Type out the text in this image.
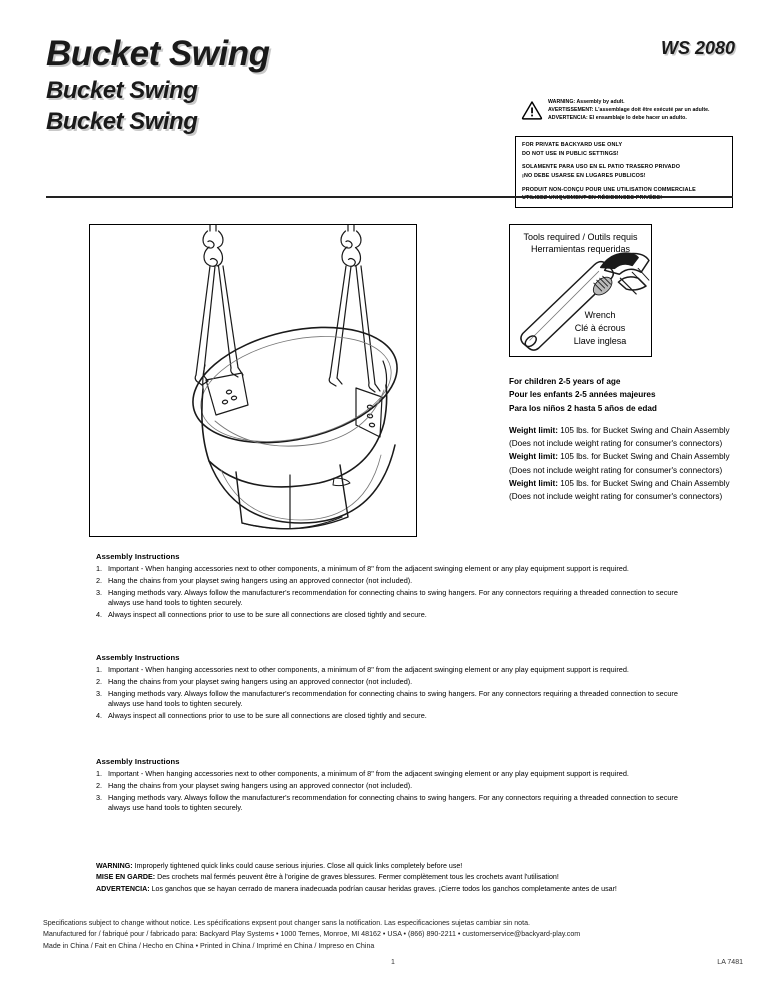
Bucket Swing
Bucket Swing
Bucket Swing
WS 2080
WARNING: Assembly by adult.
AVERTISSEMENT: L'assemblage doit être exécuté par un adulte.
ADVERTENCIA: El ensamblaje lo debe hacer un adulto.
FOR PRIVATE BACKYARD USE ONLY
DO NOT USE IN PUBLIC SETTINGS!
SOLAMENTE PARA USO EN EL PATIO TRASERO PRIVADO
¡NO DEBE USARSE EN LUGARES PUBLICOS!
PRODUIT NON-CONÇU POUR UNE UTILISATION COMMERCIALE
UTILISEZ UNIQUEMENT EN RÉSIDENCES PRIVÉES!
Tools required / Outils requis
Herramientas requeridas
Wrench
Clé à écrous
Llave inglesa
For children 2-5 years of age
Pour les enfants 2-5 années majeures
Para los niños 2 hasta 5 años de edad
Weight limit: 105 lbs. for Bucket Swing and Chain Assembly (Does not include weight rating for consumer's connectors)
Weight limit: 105 lbs. for Bucket Swing and Chain Assembly (Does not include weight rating for consumer's connectors)
Weight limit: 105 lbs. for Bucket Swing and Chain Assembly (Does not include weight rating for consumer's connectors)
Assembly Instructions
1. Important - When hanging accessories next to other components, a minimum of 8" from the adjacent swinging element or any play equipment support is required.
2. Hang the chains from your playset swing hangers using an approved connector (not included).
3. Hanging methods vary. Always follow the manufacturer's recommendation for connecting chains to swing hangers. For any connectors requiring a threaded connection to secure always use hand tools to tighten securely.
4. Always inspect all connections prior to use to be sure all connections are closed tightly and secure.
Assembly Instructions
1. Important - When hanging accessories next to other components, a minimum of 8" from the adjacent swinging element or any play equipment support is required.
2. Hang the chains from your playset swing hangers using an approved connector (not included).
3. Hanging methods vary. Always follow the manufacturer's recommendation for connecting chains to swing hangers. For any connectors requiring a threaded connection to secure always use hand tools to tighten securely.
4. Always inspect all connections prior to use to be sure all connections are closed tightly and secure.
Assembly Instructions
1. Important - When hanging accessories next to other components, a minimum of 8" from the adjacent swinging element or any play equipment support is required.
2. Hang the chains from your playset swing hangers using an approved connector (not included).
3. Hanging methods vary. Always follow the manufacturer's recommendation for connecting chains to swing hangers. For any connectors requiring a threaded connection to secure always use hand tools to tighten securely.
WARNING: Improperly tightened quick links could cause serious injuries. Close all quick links completely before use!
MISE EN GARDE: Des crochets mal fermés peuvent être à l'origine de graves blessures. Fermer complètement tous les crochets avant l'utilisation!
ADVERTENCIA: Los ganchos que se hayan cerrado de manera inadecuada podrían causar heridas graves. ¡Cierre todos los ganchos completamente antes de usar!
Specifications subject to change without notice. Les spécifications expsent pout changer sans la notification. Las especificaciones sujetas cambiar sin nota.
Manufactured for / fabriqué pour / fabricado para: Backyard Play Systems • 1000 Ternes, Monroe, MI 48162 • USA • (866) 890-2211 • customerservice@backyard-play.com
Made in China / Fait en China / Hecho en China • Printed in China / Imprimé en China / Impreso en China
1	LA 7481
